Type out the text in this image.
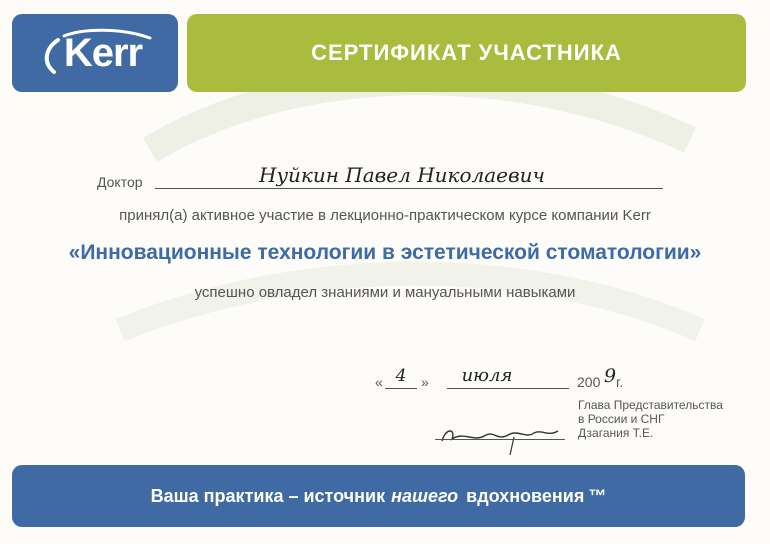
Kerr	СЕРТИФИКАТ УЧАСТНИКА
Доктор	Нуйкин Павел Николаевич
принял(а) активное участие в лекционно-практическом курсе компании Kerr
«Инновационные технологии в эстетической стоматологии»
успешно овладел знаниями и мануальными навыками
« 4	»	июля	200 9 г.
Глава Представительства
в России и СНГ
Дзагания Т.Е.
Ваша практика – источник нашего вдохновения ™
